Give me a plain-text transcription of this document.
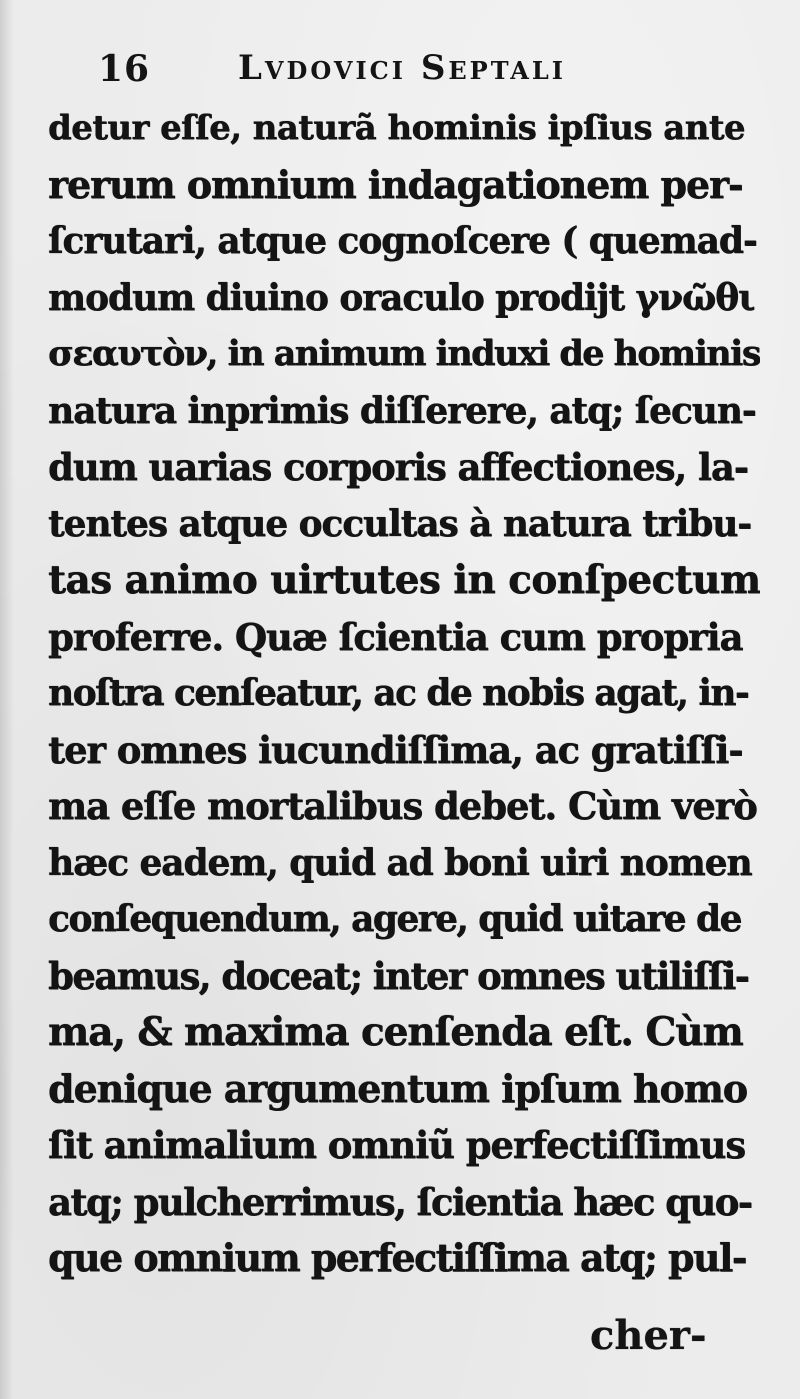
16	Lvdovici Septali
detur eſſe, naturã hominis ipſius ante
rerum omnium indagationem per-
ſcrutari, atque cognoſcere ( quemad-
modum diuino oraculo prodijt γνῶθι
σεαυτὸν, in animum induxi de hominis
natura inprimis diſſerere, atq; ſecun-
dum uarias corporis affectiones, la-
tentes atque occultas à natura tribu-
tas animo uirtutes in conſpectum
proferre. Quæ ſcientia cum propria
noſtra cenſeatur, ac de nobis agat, in-
ter omnes iucundiſſima, ac gratiſſi-
ma eſſe mortalibus debet. Cùm verò
hæc eadem, quid ad boni uiri nomen
conſequendum, agere, quid uitare de
beamus, doceat; inter omnes utiliſſi-
ma, & maxima cenſenda eſt. Cùm
denique argumentum ipſum homo
ſit animalium omniũ perfectiſſimus
atq; pulcherrimus, ſcientia hæc quo-
que omnium perfectiſſima atq; pul-
cher-
